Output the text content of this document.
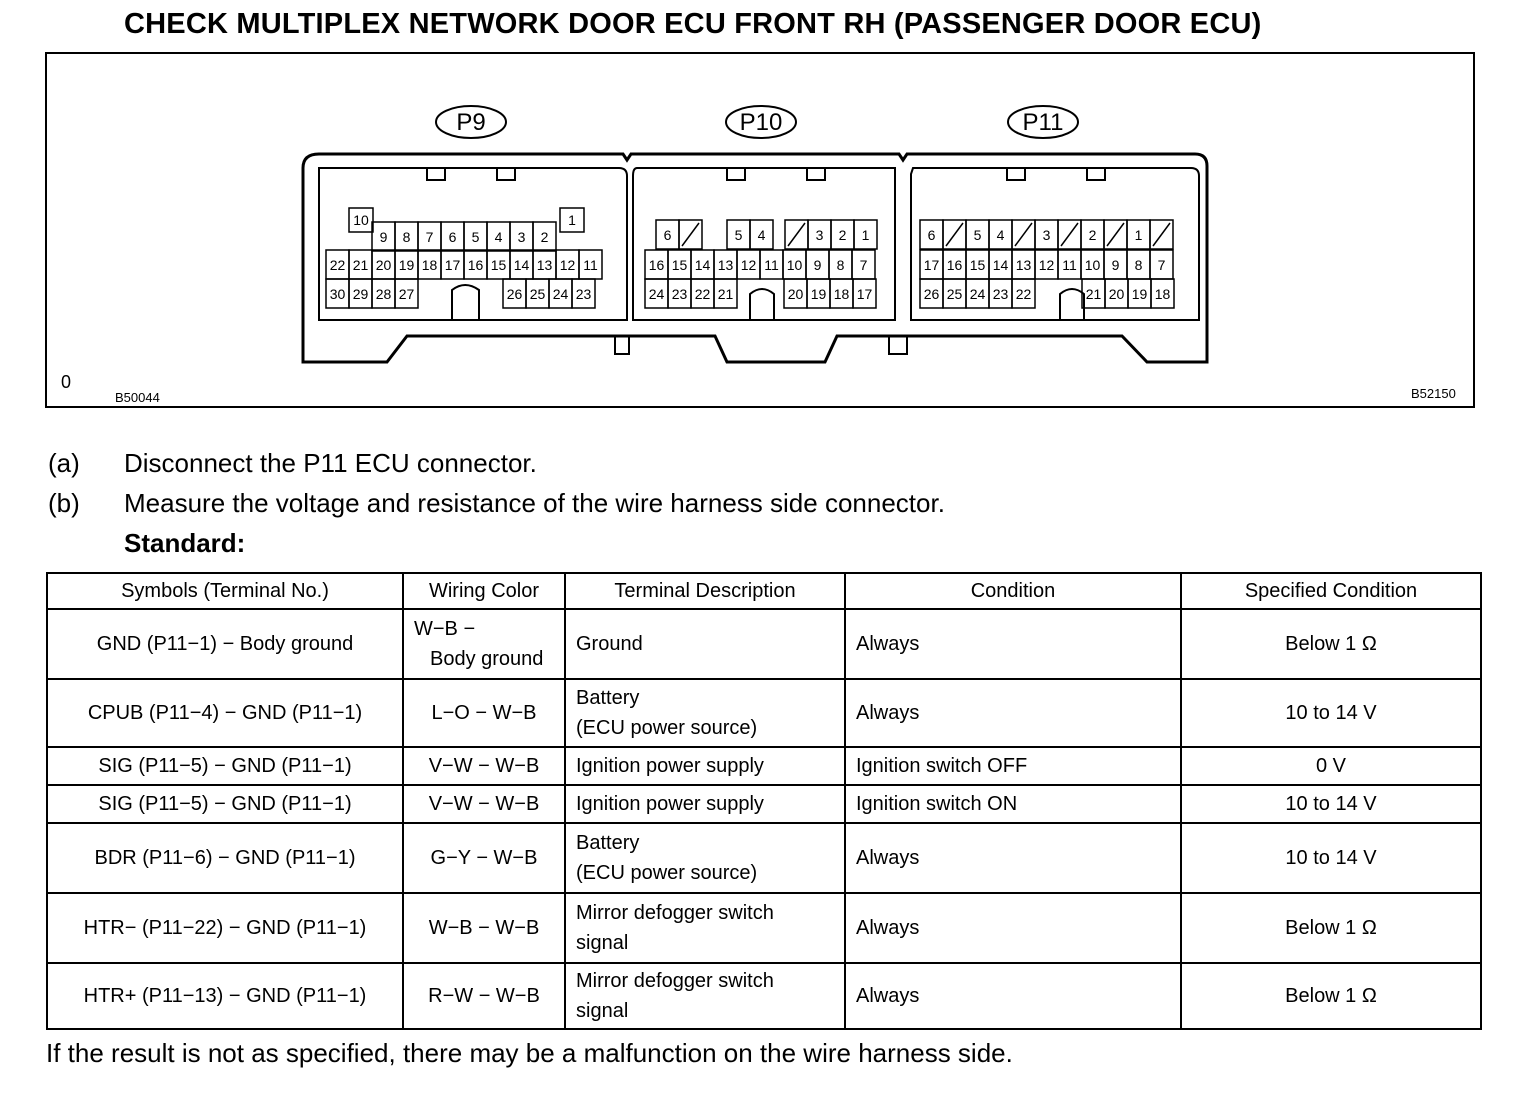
CHECK MULTIPLEX NETWORK DOOR ECU FRONT RH (PASSENGER DOOR ECU)
P9	P10	P11
10	1
9 8 7 6 5 4 3 2
22 21 20 19 18 17 16 15 14 13 12 11
30 29 28 27	26 25 24 23
6	5 4	3 2 1
16 15 14 13 12 11 10 9 8 7
24 23 22 21	20 19 18 17
6	5 4	3	2	1
17 16 15 14 13 12 11 10 9 8 7
26 25 24 23 22	21 20 19 18
0
B50044	B52150
(a) Disconnect the P11 ECU connector.
(b) Measure the voltage and resistance of the wire harness side connector.
Standard:
Symbols (Terminal No.)	Wiring Color	Terminal Description	Condition	Specified Condition

GND (P11−1) − Body ground	W−B −
Body ground	Ground	Always	Below 1 Ω

CPUB (P11−4) − GND (P11−1)	L−O − W−B	Battery
(ECU power source)	Always	10 to 14 V

SIG (P11−5) − GND (P11−1)	V−W − W−B	Ignition power supply	Ignition switch OFF	0 V

SIG (P11−5) − GND (P11−1)	V−W − W−B	Ignition power supply	Ignition switch ON	10 to 14 V

BDR (P11−6) − GND (P11−1)	G−Y − W−B	Battery
(ECU power source)	Always	10 to 14 V

HTR− (P11−22) − GND (P11−1)	W−B − W−B	Mirror defogger switch
signal	Always	Below 1 Ω

HTR+ (P11−13) − GND (P11−1)	R−W − W−B	Mirror defogger switch
signal	Always	Below 1 Ω
If the result is not as specified, there may be a malfunction on the wire harness side.
